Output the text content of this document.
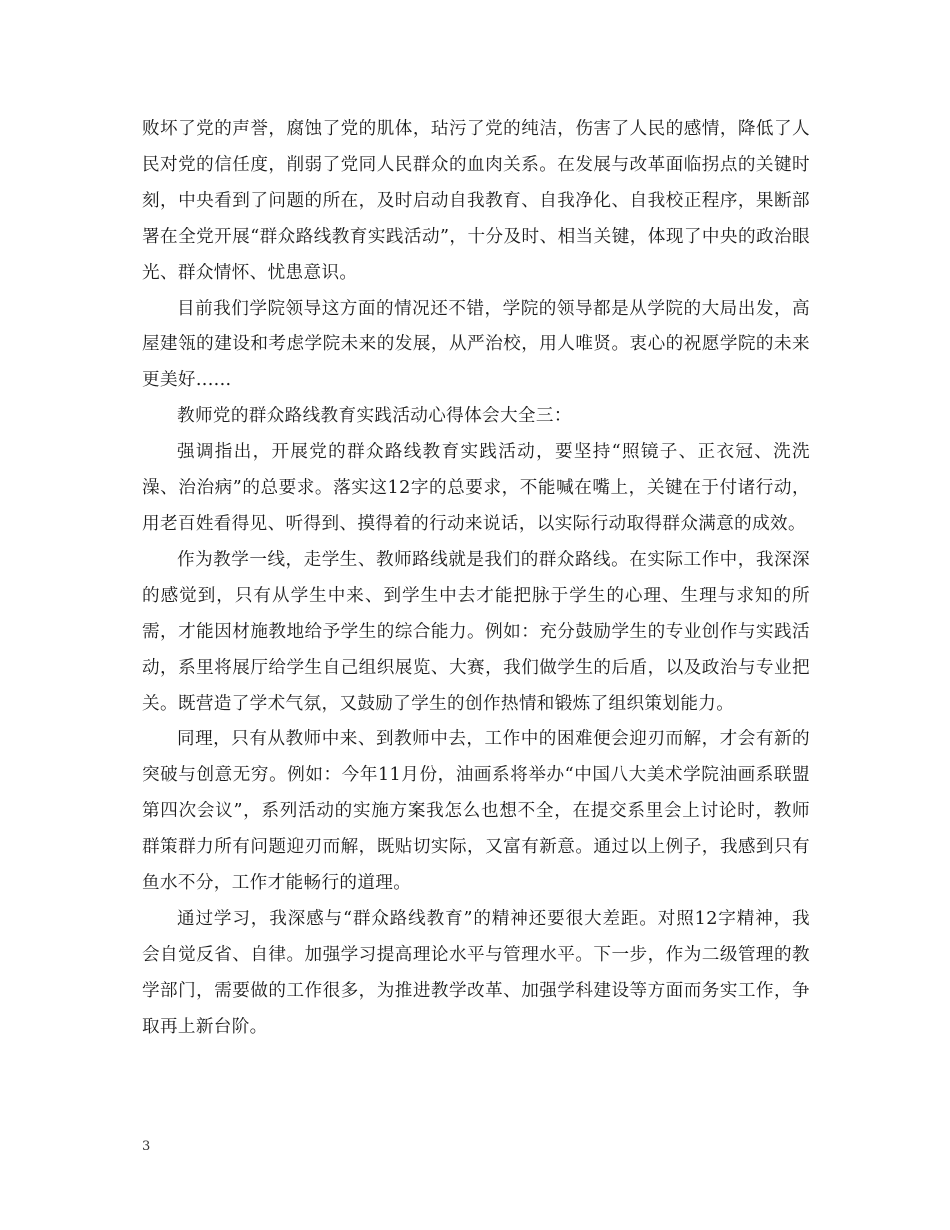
败坏了党的声誉，腐蚀了党的肌体，玷污了党的纯洁，伤害了人民的感情，降低了人民对党的信任度，削弱了党同人民群众的血肉关系。在发展与改革面临拐点的关键时刻，中央看到了问题的所在，及时启动自我教育、自我净化、自我校正程序，果断部署在全党开展“群众路线教育实践活动”，十分及时、相当关键，体现了中央的政治眼光、群众情怀、忧患意识。

目前我们学院领导这方面的情况还不错，学院的领导都是从学院的大局出发，高屋建瓴的建设和考虑学院未来的发展，从严治校，用人唯贤。衷心的祝愿学院的未来更美好......

教师党的群众路线教育实践活动心得体会大全三：

强调指出，开展党的群众路线教育实践活动，要坚持“照镜子、正衣冠、洗洗澡、治治病”的总要求。落实这12字的总要求，不能喊在嘴上，关键在于付诸行动，用老百姓看得见、听得到、摸得着的行动来说话，以实际行动取得群众满意的成效。

作为教学一线，走学生、教师路线就是我们的群众路线。在实际工作中，我深深的感觉到，只有从学生中来、到学生中去才能把脉于学生的心理、生理与求知的所需，才能因材施教地给予学生的综合能力。例如：充分鼓励学生的专业创作与实践活动，系里将展厅给学生自己组织展览、大赛，我们做学生的后盾，以及政治与专业把关。既营造了学术气氛，又鼓励了学生的创作热情和锻炼了组织策划能力。

同理，只有从教师中来、到教师中去，工作中的困难便会迎刃而解，才会有新的突破与创意无穷。例如：今年11月份，油画系将举办“中国八大美术学院油画系联盟第四次会议”，系列活动的实施方案我怎么也想不全，在提交系里会上讨论时，教师群策群力所有问题迎刃而解，既贴切实际，又富有新意。通过以上例子，我感到只有鱼水不分，工作才能畅行的道理。

通过学习，我深感与“群众路线教育”的精神还要很大差距。对照12字精神，我会自觉反省、自律。加强学习提高理论水平与管理水平。下一步，作为二级管理的教学部门，需要做的工作很多，为推进教学改革、加强学科建设等方面而务实工作，争取再上新台阶。

3
